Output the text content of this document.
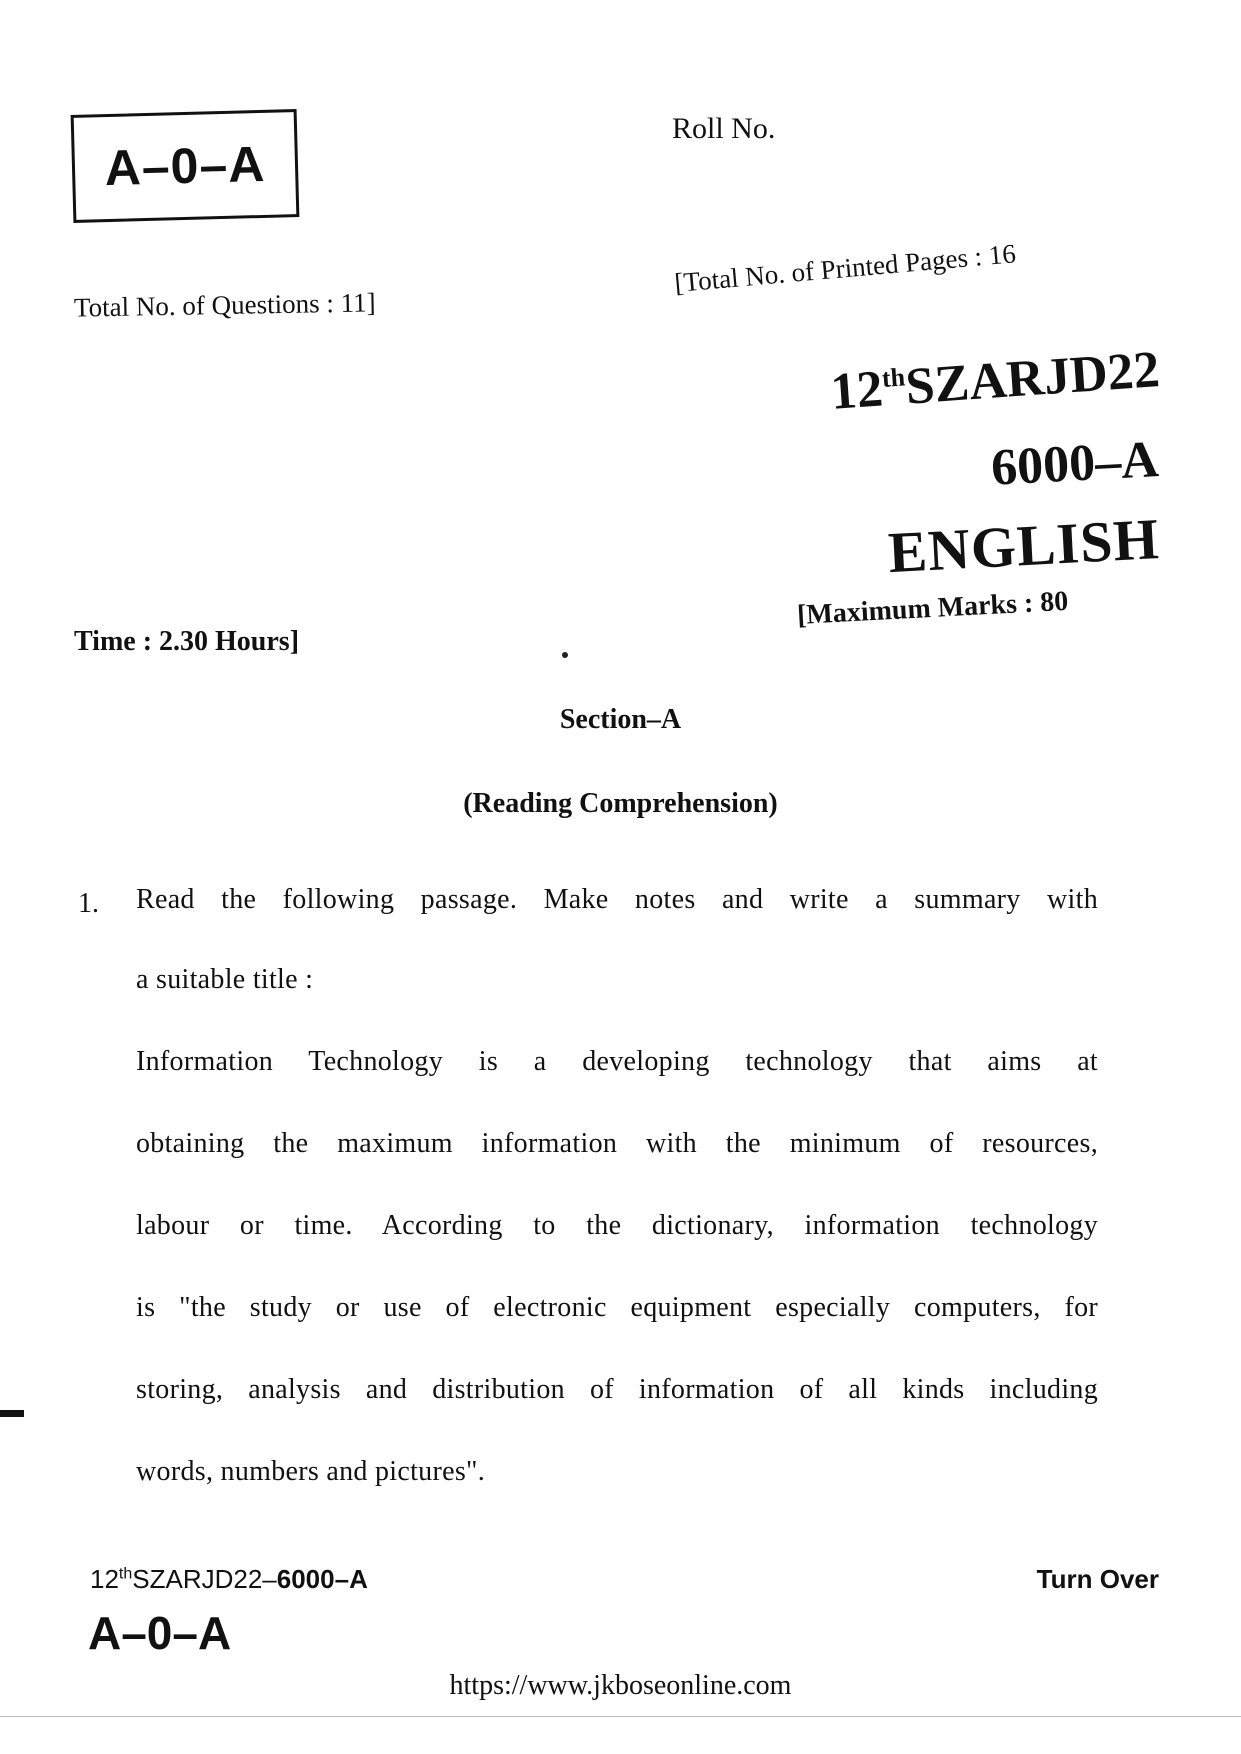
A–0–A
Roll No.
Total No. of Questions : 11]
[Total No. of Printed Pages : 16
12thSZARJD22
6000–A
ENGLISH
Time : 2.30 Hours]
[Maximum Marks : 80
Section–A
(Reading Comprehension)
1. Read the following passage. Make notes and write a summary with
a suitable title :
Information Technology is a developing technology that aims at
obtaining the maximum information with the minimum of resources,
labour or time. According to the dictionary, information technology
is "the study or use of electronic equipment especially computers, for
storing, analysis and distribution of information of all kinds including
words, numbers and pictures".
12thSZARJD22–6000–A
A–0–A
Turn Over
https://www.jkboseonline.com
